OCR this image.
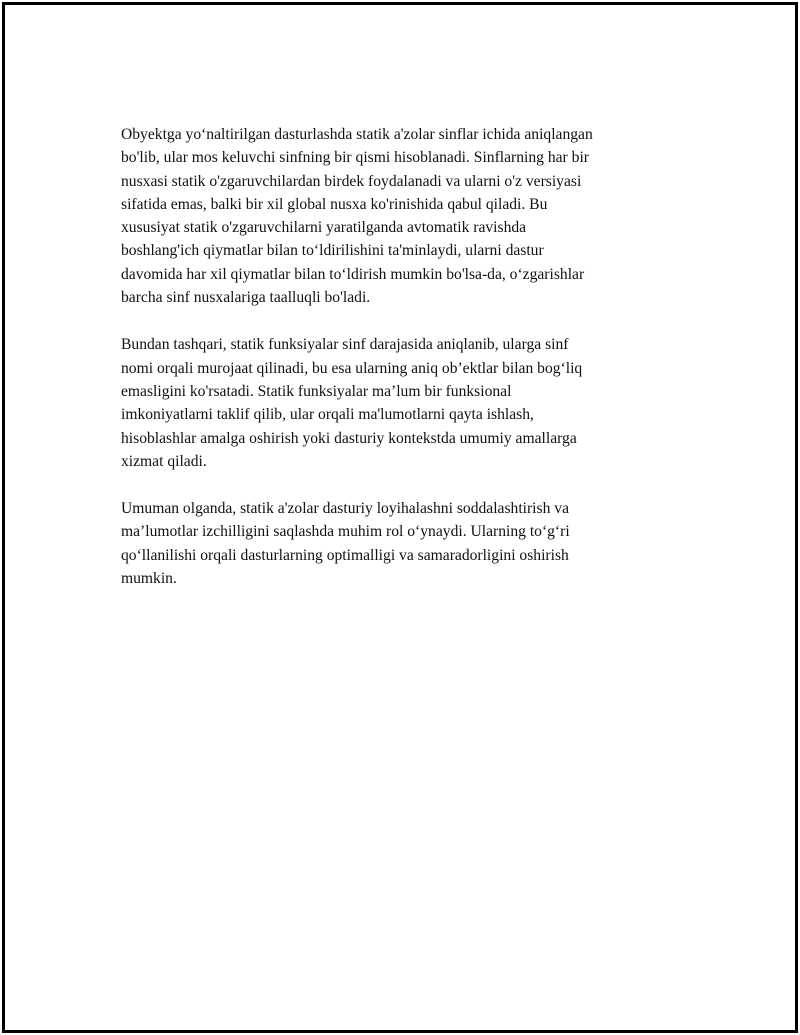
Obyektga yo‘naltirilgan dasturlashda statik a'zolar sinflar ichida aniqlangan
bo'lib, ular mos keluvchi sinfning bir qismi hisoblanadi. Sinflarning har bir
nusxasi statik o'zgaruvchilardan birdek foydalanadi va ularni o'z versiyasi
sifatida emas, balki bir xil global nusxa ko'rinishida qabul qiladi. Bu
xususiyat statik o'zgaruvchilarni yaratilganda avtomatik ravishda
boshlang'ich qiymatlar bilan to‘ldirilishini ta'minlaydi, ularni dastur
davomida har xil qiymatlar bilan to‘ldirish mumkin bo'lsa-da, o‘zgarishlar
barcha sinf nusxalariga taalluqli bo'ladi.

Bundan tashqari, statik funksiyalar sinf darajasida aniqlanib, ularga sinf
nomi orqali murojaat qilinadi, bu esa ularning aniq ob’ektlar bilan bog‘liq
emasligini ko'rsatadi. Statik funksiyalar ma’lum bir funksional
imkoniyatlarni taklif qilib, ular orqali ma'lumotlarni qayta ishlash,
hisoblashlar amalga oshirish yoki dasturiy kontekstda umumiy amallarga
xizmat qiladi.

Umuman olganda, statik a'zolar dasturiy loyihalashni soddalashtirish va
ma’lumotlar izchilligini saqlashda muhim rol o‘ynaydi. Ularning to‘g‘ri
qo‘llanilishi orqali dasturlarning optimalligi va samaradorligini oshirish
mumkin.
